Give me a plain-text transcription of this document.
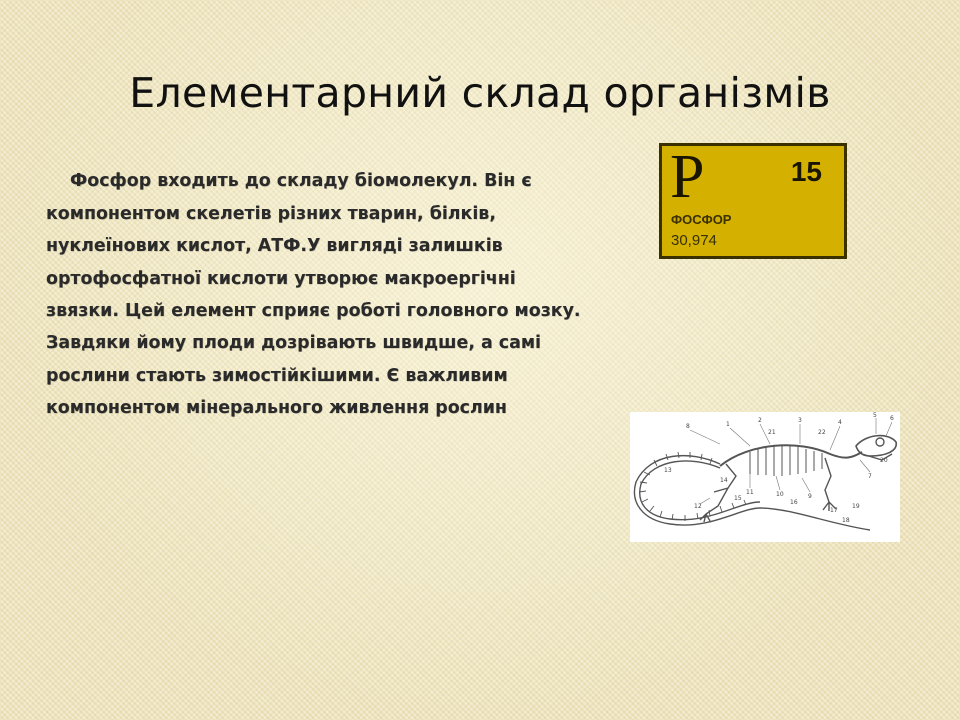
Елементарний склад організмів

Фосфор входить до складу біомолекул. Він є компонентом скелетів різних тварин, білків, нуклеїнових кислот, АТФ.У вигляді залишків ортофосфатної кислоти утворює макроергічні звязки. Цей елемент сприяє роботі головного мозку. Завдяки йому плоди дозрівають швидше, а самі рослини стають зимостійкішими. Є важливим компонентом мінерального живлення рослин

P	15
ФОСФОР
30,974
8	1
2	3	4
5 6
7
9
10
11
12
13
14
15
16
17
18
19
20
21	22
